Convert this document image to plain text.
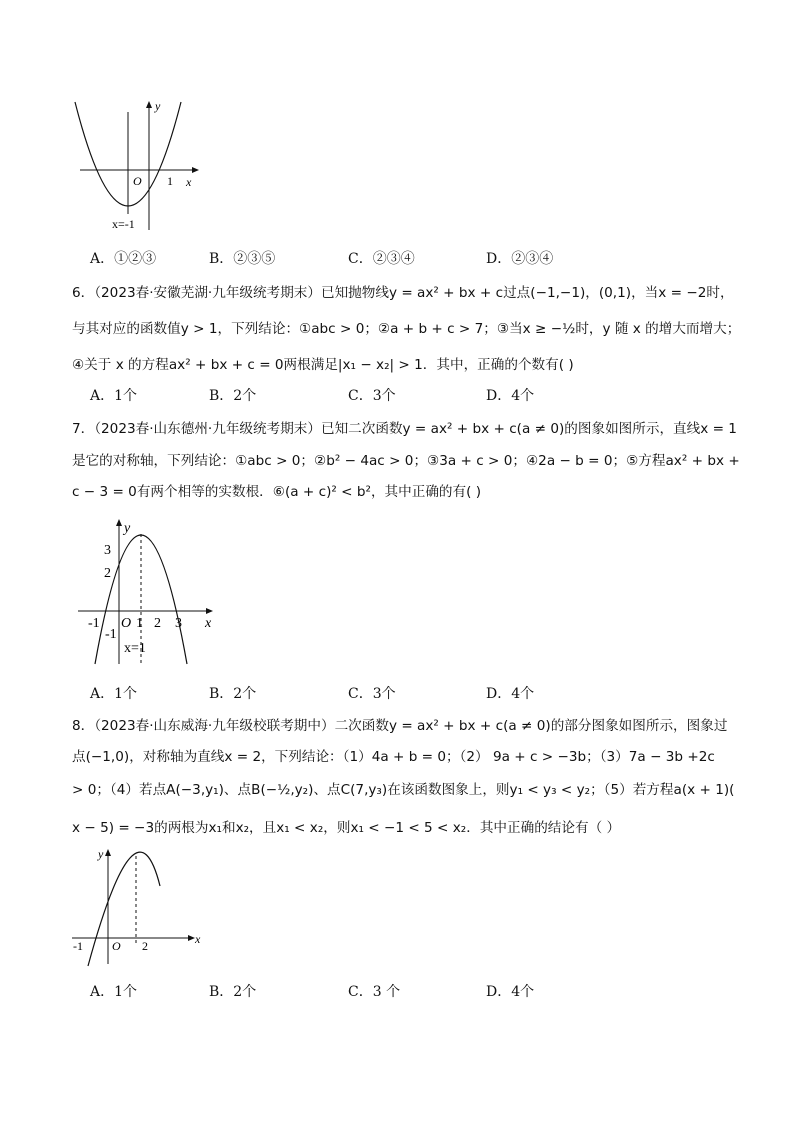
y
O 1 x
x=-1
A．①②③	B．②③⑤	C．②③④	D．②③④
6．（2023春·安徽芜湖·九年级统考期末）已知抛物线y = ax² + bx + c过点(−1,−1)，(0,1)，当x = −2时，
与其对应的函数值y > 1，下列结论：①abc > 0；②a + b + c > 7；③当x ≥ −½时，y 随 x 的增大而增大；
④关于 x 的方程ax² + bx + c = 0两根满足|x₁ − x₂| > 1．其中，正确的个数有( )
A．1个	B．2个	C．3个	D．4个
7．（2023春·山东德州·九年级统考期末）已知二次函数y = ax² + bx + c(a ≠ 0)的图象如图所示，直线x = 1
是它的对称轴，下列结论：①abc > 0；②b² − 4ac > 0；③3a + c > 0；④2a − b = 0；⑤方程ax² + bx +
c − 3 = 0有两个相等的实数根．⑥(a + c)² < b²，其中正确的有( )
y
3
2
-1 O 1 2 3 x
-1
x=1
A．1个	B．2个	C．3个	D．4个
8．（2023春·山东威海·九年级校联考期中）二次函数y = ax² + bx + c(a ≠ 0)的部分图象如图所示，图象过
点(−1,0)，对称轴为直线x = 2，下列结论：（1）4a + b = 0；（2） 9a + c > −3b；（3）7a − 3b +2c
> 0；（4）若点A(−3,y₁)、点B(−½,y₂)、点C(7,y₃)在该函数图象上，则y₁ < y₃ < y₂；（5）若方程a(x + 1)(
x − 5) = −3的两根为x₁和x₂，且x₁ < x₂，则x₁ < −1 < 5 < x₂．其中正确的结论有（ ）
y
-1 O 2	x
A．1个	B．2个	C．3 个	D．4个
